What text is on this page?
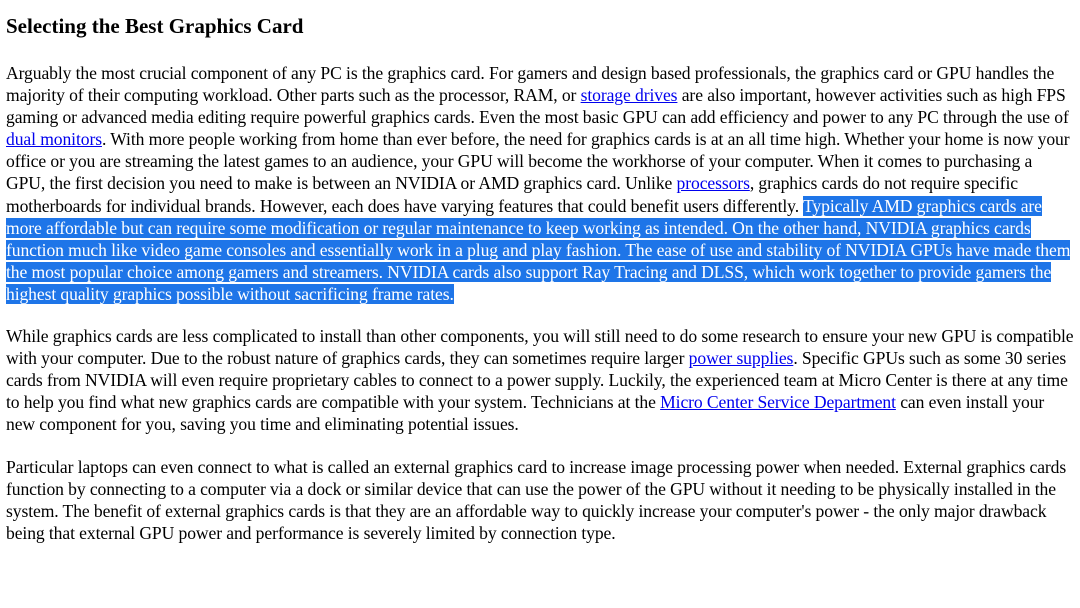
Selecting the Best Graphics Card

Arguably the most crucial component of any PC is the graphics card. For gamers and design based professionals, the graphics card or GPU handles the majority of their computing workload. Other parts such as the processor, RAM, or storage drives are also important, however activities such as high FPS gaming or advanced media editing require powerful graphics cards. Even the most basic GPU can add efficiency and power to any PC through the use of dual monitors. With more people working from home than ever before, the need for graphics cards is at an all time high. Whether your home is now your office or you are streaming the latest games to an audience, your GPU will become the workhorse of your computer. When it comes to purchasing a GPU, the first decision you need to make is between an NVIDIA or AMD graphics card. Unlike processors, graphics cards do not require specific motherboards for individual brands. However, each does have varying features that could benefit users differently. Typically AMD graphics cards are more affordable but can require some modification or regular maintenance to keep working as intended. On the other hand, NVIDIA graphics cards function much like video game consoles and essentially work in a plug and play fashion. The ease of use and stability of NVIDIA GPUs have made them the most popular choice among gamers and streamers. NVIDIA cards also support Ray Tracing and DLSS, which work together to provide gamers the highest quality graphics possible without sacrificing frame rates.

While graphics cards are less complicated to install than other components, you will still need to do some research to ensure your new GPU is compatible with your computer. Due to the robust nature of graphics cards, they can sometimes require larger power supplies. Specific GPUs such as some 30 series cards from NVIDIA will even require proprietary cables to connect to a power supply. Luckily, the experienced team at Micro Center is there at any time to help you find what new graphics cards are compatible with your system. Technicians at the Micro Center Service Department can even install your new component for you, saving you time and eliminating potential issues.

Particular laptops can even connect to what is called an external graphics card to increase image processing power when needed. External graphics cards function by connecting to a computer via a dock or similar device that can use the power of the GPU without it needing to be physically installed in the system. The benefit of external graphics cards is that they are an affordable way to quickly increase your computer's power - the only major drawback being that external GPU power and performance is severely limited by connection type.
